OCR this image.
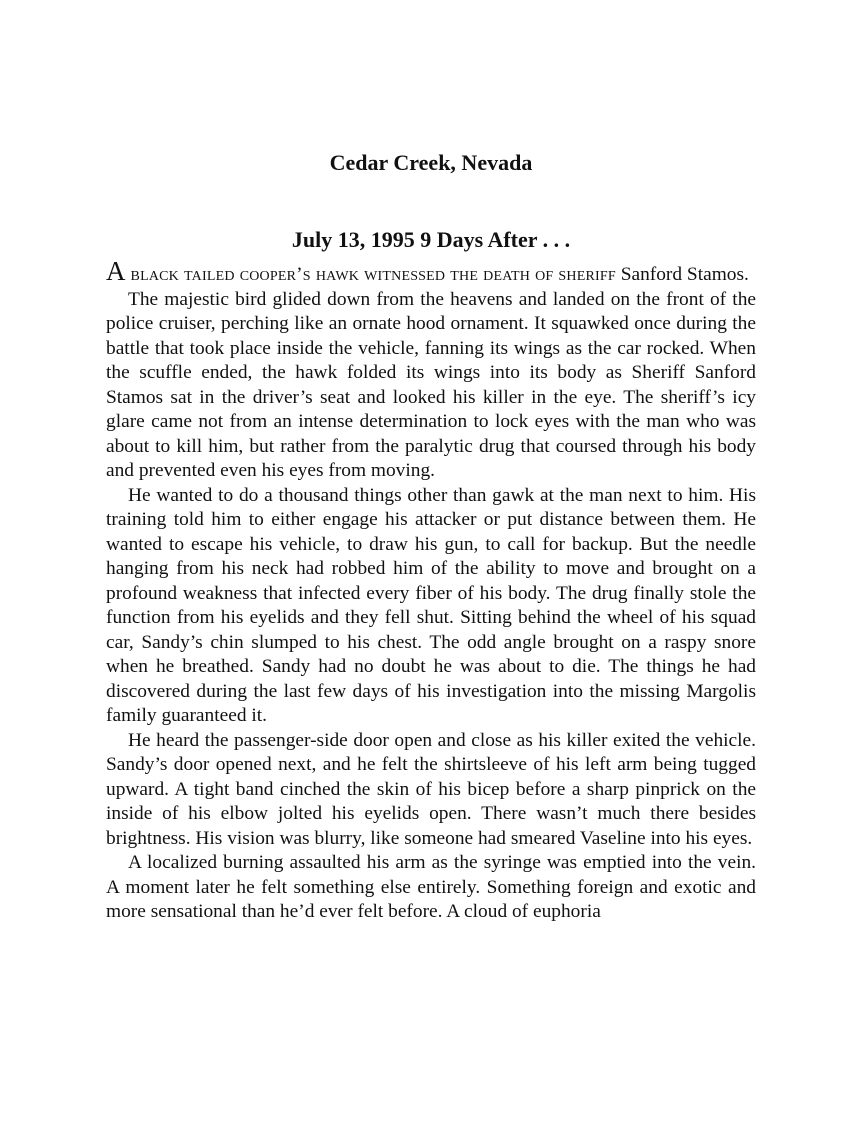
Cedar Creek, Nevada
July 13, 1995 9 Days After . . .

A black tailed cooper’s hawk witnessed the death of sheriff Sanford Stamos.

The majestic bird glided down from the heavens and landed on the front of the police cruiser, perching like an ornate hood ornament. It squawked once during the battle that took place inside the vehicle, fanning its wings as the car rocked. When the scuffle ended, the hawk folded its wings into its body as Sheriff Sanford Stamos sat in the driver’s seat and looked his killer in the eye. The sheriff’s icy glare came not from an intense determination to lock eyes with the man who was about to kill him, but rather from the paralytic drug that coursed through his body and prevented even his eyes from moving.

He wanted to do a thousand things other than gawk at the man next to him. His training told him to either engage his attacker or put distance between them. He wanted to escape his vehicle, to draw his gun, to call for backup. But the needle hanging from his neck had robbed him of the ability to move and brought on a profound weakness that infected every fiber of his body. The drug finally stole the function from his eyelids and they fell shut. Sitting behind the wheel of his squad car, Sandy’s chin slumped to his chest. The odd angle brought on a raspy snore when he breathed. Sandy had no doubt he was about to die. The things he had discovered during the last few days of his investigation into the missing Margolis family guaranteed it.

He heard the passenger-side door open and close as his killer exited the vehicle. Sandy’s door opened next, and he felt the shirtsleeve of his left arm being tugged upward. A tight band cinched the skin of his bicep before a sharp pinprick on the inside of his elbow jolted his eyelids open. There wasn’t much there besides brightness. His vision was blurry, like someone had smeared Vaseline into his eyes.

A localized burning assaulted his arm as the syringe was emptied into the vein. A moment later he felt something else entirely. Something foreign and exotic and more sensational than he’d ever felt before. A cloud of euphoria
